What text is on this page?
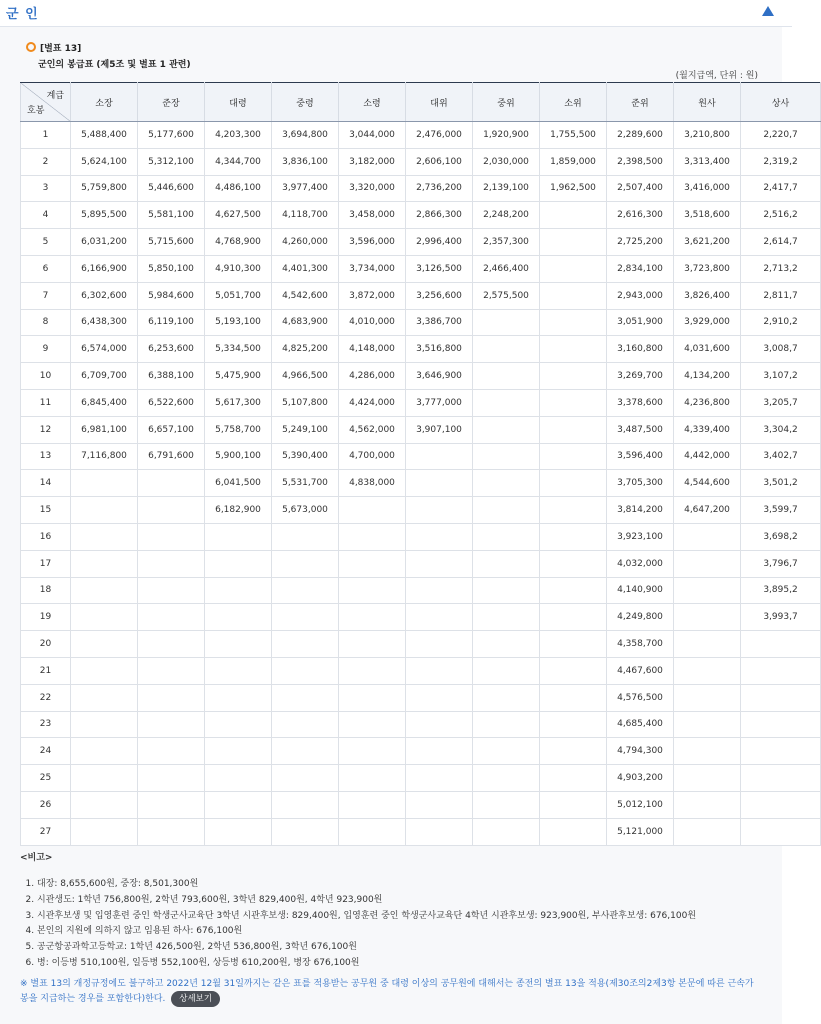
군 인
[별표 13]
군인의 봉급표 (제5조 및 별표 1 관련)
(월지급액, 단위 : 원)
계급
호봉	소장	준장	대령	중령	소령	대위	중위	소위	준위	원사	상사
1	5,488,400	5,177,600	4,203,300	3,694,800	3,044,000	2,476,000	1,920,900	1,755,500	2,289,600	3,210,800	2,220,7
2	5,624,100	5,312,100	4,344,700	3,836,100	3,182,000	2,606,100	2,030,000	1,859,000	2,398,500	3,313,400	2,319,2
3	5,759,800	5,446,600	4,486,100	3,977,400	3,320,000	2,736,200	2,139,100	1,962,500	2,507,400	3,416,000	2,417,7
4	5,895,500	5,581,100	4,627,500	4,118,700	3,458,000	2,866,300	2,248,200		2,616,300	3,518,600	2,516,2
5	6,031,200	5,715,600	4,768,900	4,260,000	3,596,000	2,996,400	2,357,300		2,725,200	3,621,200	2,614,7
6	6,166,900	5,850,100	4,910,300	4,401,300	3,734,000	3,126,500	2,466,400		2,834,100	3,723,800	2,713,2
7	6,302,600	5,984,600	5,051,700	4,542,600	3,872,000	3,256,600	2,575,500		2,943,000	3,826,400	2,811,7
8	6,438,300	6,119,100	5,193,100	4,683,900	4,010,000	3,386,700			3,051,900	3,929,000	2,910,2
9	6,574,000	6,253,600	5,334,500	4,825,200	4,148,000	3,516,800			3,160,800	4,031,600	3,008,7
10	6,709,700	6,388,100	5,475,900	4,966,500	4,286,000	3,646,900			3,269,700	4,134,200	3,107,2
11	6,845,400	6,522,600	5,617,300	5,107,800	4,424,000	3,777,000			3,378,600	4,236,800	3,205,7
12	6,981,100	6,657,100	5,758,700	5,249,100	4,562,000	3,907,100			3,487,500	4,339,400	3,304,2
13	7,116,800	6,791,600	5,900,100	5,390,400	4,700,000				3,596,400	4,442,000	3,402,7
14			6,041,500	5,531,700	4,838,000				3,705,300	4,544,600	3,501,2
15			6,182,900	5,673,000					3,814,200	4,647,200	3,599,7
16									3,923,100		3,698,2
17									4,032,000		3,796,7
18									4,140,900		3,895,2
19									4,249,800		3,993,7
20									4,358,700		
21									4,467,600		
22									4,576,500		
23									4,685,400		
24									4,794,300		
25									4,903,200		
26									5,012,100		
27									5,121,000		
<비고>
1. 대장: 8,655,600원, 중장: 8,501,300원
2. 시관생도: 1학년 756,800원, 2학년 793,600원, 3학년 829,400원, 4학년 923,900원
3. 시관후보생 및 입영훈련 중인 학생군사교육단 3학년 시관후보생: 829,400원, 입영훈련 중인 학생군사교육단 4학년 시관후보생: 923,900원, 부사관후보생: 676,100원
4. 본인의 지원에 의하지 않고 임용된 하사: 676,100원
5. 공군항공과학고등학교: 1학년 426,500원, 2학년 536,800원, 3학년 676,100원
6. 병: 이등병 510,100원, 일등병 552,100원, 상등병 610,200원, 병장 676,100원
※ 별표 13의 개정규정에도 불구하고 2022년 12월 31일까지는 같은 표를 적용받는 공무원 중 대령 이상의 공무원에 대해서는 종전의 별표 13을 적용(제30조의2제3항 본문에 따른 근속가봉을 지급하는 경우를 포함한다)한다. 상세보기
